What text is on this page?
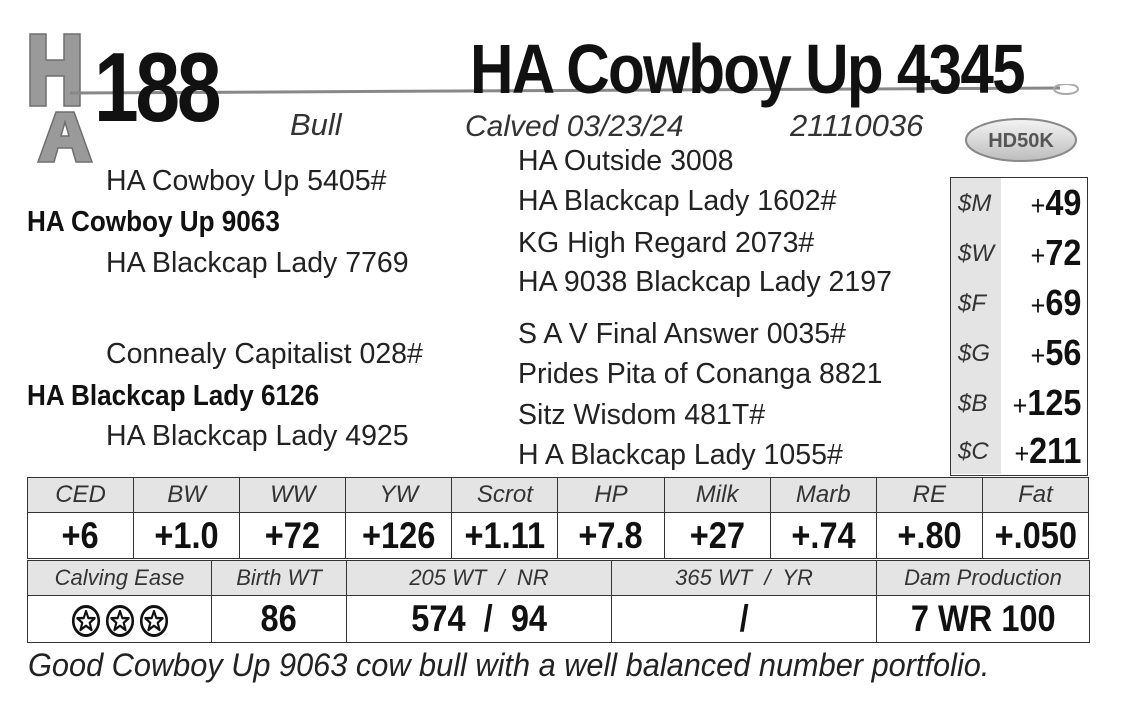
188	HA Cowboy Up 4345
Bull	Calved 03/23/24	21110036	HD50K
HA Cowboy Up 5405#
HA Cowboy Up 9063
HA Blackcap Lady 7769
Connealy Capitalist 028#
HA Blackcap Lady 6126
HA Blackcap Lady 4925
HA Outside 3008
HA Blackcap Lady 1602#
KG High Regard 2073#
HA 9038 Blackcap Lady 2197
S A V Final Answer 0035#
Prides Pita of Conanga 8821
Sitz Wisdom 481T#
H A Blackcap Lady 1055#
$M +49
$W +72
$F +69
$G +56
$B +125
$C +211
CED	BW	WW	YW	Scrot	HP	Milk	Marb	RE	Fat
+6	+1.0	+72	+126	+1.11	+7.8	+27	+.74	+.80	+.050
Calving Ease	Birth WT	205 WT  /  NR	365 WT  /  YR	Dam Production

	86	574  /  94	/	7 WR 100
Good Cowboy Up 9063 cow bull with a well balanced number portfolio.
